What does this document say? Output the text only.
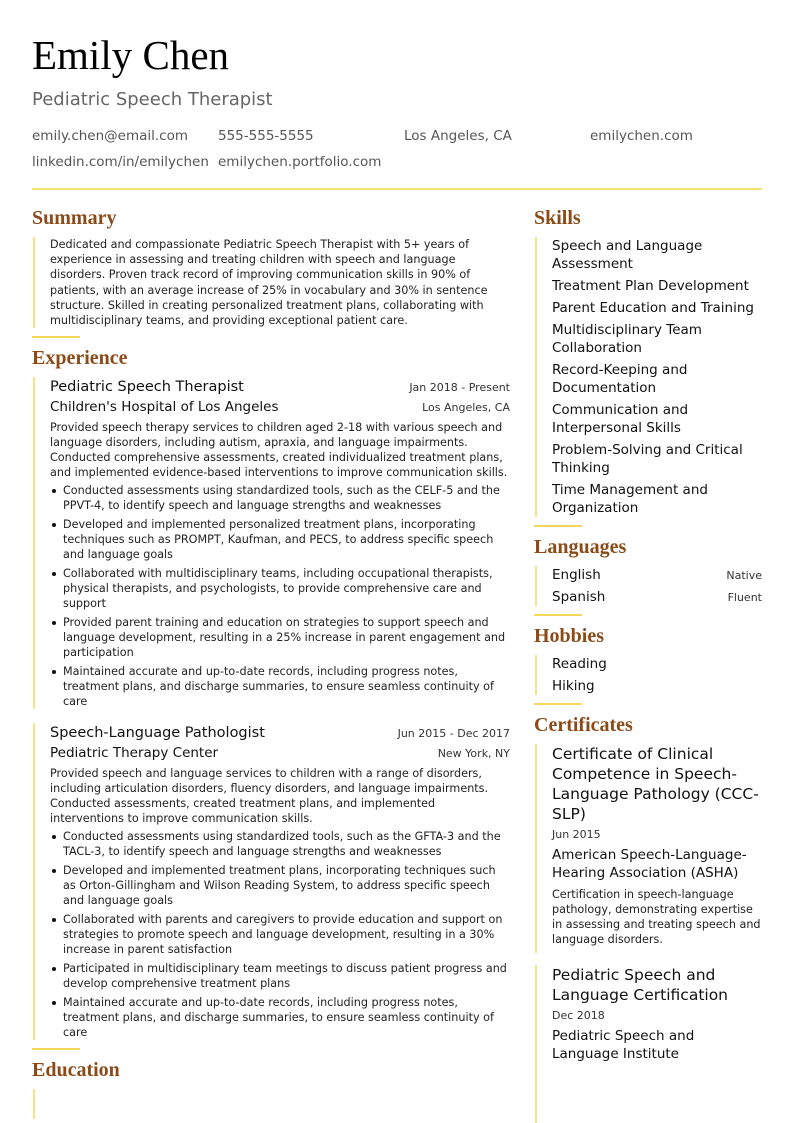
Emily Chen
Pediatric Speech Therapist
emily.chen@email.com	555-555-5555	Los Angeles, CA	emilychen.com
linkedin.com/in/emilychen emilychen.portfolio.com
Summary

Dedicated and compassionate Pediatric Speech Therapist with 5+ years of experience in assessing and treating children with speech and language disorders. Proven track record of improving communication skills in 90% of patients, with an average increase of 25% in vocabulary and 30% in sentence structure. Skilled in creating personalized treatment plans, collaborating with multidisciplinary teams, and providing exceptional patient care.

Experience
Pediatric Speech Therapist	Jan 2018 - Present
Children's Hospital of Los Angeles	Los Angeles, CA

Provided speech therapy services to children aged 2-18 with various speech and language disorders, including autism, apraxia, and language impairments. Conducted comprehensive assessments, created individualized treatment plans, and implemented evidence-based interventions to improve communication skills.

Conducted assessments using standardized tools, such as the CELF-5 and the PPVT-4, to identify speech and language strengths and weaknesses
Developed and implemented personalized treatment plans, incorporating techniques such as PROMPT, Kaufman, and PECS, to address specific speech and language goals
Collaborated with multidisciplinary teams, including occupational therapists, physical therapists, and psychologists, to provide comprehensive care and support
Provided parent training and education on strategies to support speech and language development, resulting in a 25% increase in parent engagement and participation
Maintained accurate and up-to-date records, including progress notes, treatment plans, and discharge summaries, to ensure seamless continuity of care
Speech-Language Pathologist	Jun 2015 - Dec 2017
Pediatric Therapy Center	New York, NY

Provided speech and language services to children with a range of disorders, including articulation disorders, fluency disorders, and language impairments. Conducted assessments, created treatment plans, and implemented interventions to improve communication skills.

Conducted assessments using standardized tools, such as the GFTA-3 and the TACL-3, to identify speech and language strengths and weaknesses
Developed and implemented treatment plans, incorporating techniques such as Orton-Gillingham and Wilson Reading System, to address specific speech and language goals
Collaborated with parents and caregivers to provide education and support on strategies to promote speech and language development, resulting in a 30% increase in parent satisfaction
Participated in multidisciplinary team meetings to discuss patient progress and develop comprehensive treatment plans
Maintained accurate and up-to-date records, including progress notes, treatment plans, and discharge summaries, to ensure seamless continuity of care
Education
Skills
Speech and Language Assessment
Treatment Plan Development
Parent Education and Training
Multidisciplinary Team Collaboration
Record-Keeping and Documentation
Communication and Interpersonal Skills
Problem-Solving and Critical Thinking
Time Management and Organization
Languages
English	Native
Spanish	Fluent
Hobbies
Reading
Hiking
Certificates
Certificate of Clinical Competence in Speech-Language Pathology (CCC-SLP)
Jun 2015
American Speech-Language-Hearing Association (ASHA)
Certification in speech-language pathology, demonstrating expertise in assessing and treating speech and language disorders.
Pediatric Speech and Language Certification
Dec 2018
Pediatric Speech and Language Institute
